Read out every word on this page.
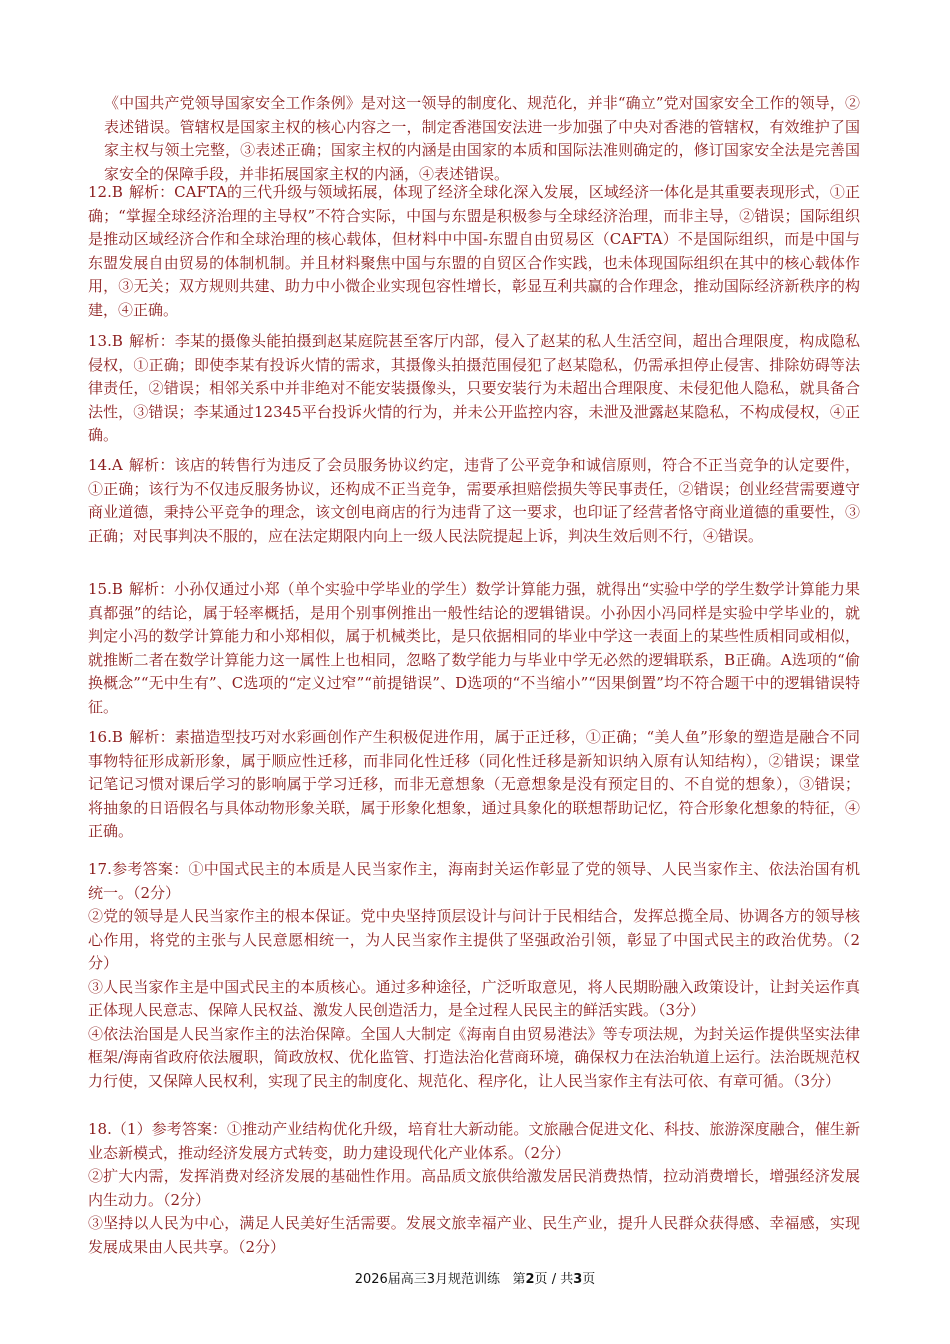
《中国共产党领导国家安全工作条例》是对这一领导的制度化、规范化，并非“确立”党对国家安全工作的领导，②表述错误。管辖权是国家主权的核心内容之一，制定香港国安法进一步加强了中央对香港的管辖权，有效维护了国家主权与领土完整，③表述正确；国家主权的内涵是由国家的本质和国际法准则确定的，修订国家安全法是完善国家安全的保障手段，并非拓展国家主权的内涵，④表述错误。

12.B 解析：CAFTA的三代升级与领域拓展，体现了经济全球化深入发展，区域经济一体化是其重要表现形式，①正确；“掌握全球经济治理的主导权”不符合实际，中国与东盟是积极参与全球经济治理，而非主导，②错误；国际组织是推动区域经济合作和全球治理的核心载体，但材料中中国-东盟自由贸易区（CAFTA）不是国际组织，而是中国与东盟发展自由贸易的体制机制。并且材料聚焦中国与东盟的自贸区合作实践，也未体现国际组织在其中的核心载体作用，③无关；双方规则共建、助力中小微企业实现包容性增长，彰显互利共赢的合作理念，推动国际经济新秩序的构建，④正确。

13.B 解析：李某的摄像头能拍摄到赵某庭院甚至客厅内部，侵入了赵某的私人生活空间，超出合理限度，构成隐私侵权，①正确；即使李某有投诉火情的需求，其摄像头拍摄范围侵犯了赵某隐私，仍需承担停止侵害、排除妨碍等法律责任，②错误；相邻关系中并非绝对不能安装摄像头，只要安装行为未超出合理限度、未侵犯他人隐私，就具备合法性，③错误；李某通过12345平台投诉火情的行为，并未公开监控内容，未泄及泄露赵某隐私，不构成侵权，④正确。

14.A 解析：该店的转售行为违反了会员服务协议约定，违背了公平竞争和诚信原则，符合不正当竞争的认定要件，①正确；该行为不仅违反服务协议，还构成不正当竞争，需要承担赔偿损失等民事责任，②错误；创业经营需要遵守商业道德，秉持公平竞争的理念，该文创电商店的行为违背了这一要求，也印证了经营者恪守商业道德的重要性，③正确；对民事判决不服的，应在法定期限内向上一级人民法院提起上诉，判决生效后则不行，④错误。

15.B 解析：小孙仅通过小郑（单个实验中学毕业的学生）数学计算能力强，就得出“实验中学的学生数学计算能力果真都强”的结论，属于轻率概括，是用个别事例推出一般性结论的逻辑错误。小孙因小冯同样是实验中学毕业的，就判定小冯的数学计算能力和小郑相似，属于机械类比，是只依据相同的毕业中学这一表面上的某些性质相同或相似，就推断二者在数学计算能力这一属性上也相同，忽略了数学能力与毕业中学无必然的逻辑联系，B正确。A选项的“偷换概念”“无中生有”、C选项的“定义过窄”“前提错误”、D选项的“不当缩小”“因果倒置”均不符合题干中的逻辑错误特征。

16.B 解析：素描造型技巧对水彩画创作产生积极促进作用，属于正迁移，①正确；“美人鱼”形象的塑造是融合不同事物特征形成新形象，属于顺应性迁移，而非同化性迁移（同化性迁移是新知识纳入原有认知结构），②错误；课堂记笔记习惯对课后学习的影响属于学习迁移，而非无意想象（无意想象是没有预定目的、不自觉的想象），③错误；将抽象的日语假名与具体动物形象关联，属于形象化想象，通过具象化的联想帮助记忆，符合形象化想象的特征，④正确。

17.参考答案：①中国式民主的本质是人民当家作主，海南封关运作彰显了党的领导、人民当家作主、依法治国有机统一。（2分）

②党的领导是人民当家作主的根本保证。党中央坚持顶层设计与问计于民相结合，发挥总揽全局、协调各方的领导核心作用，将党的主张与人民意愿相统一，为人民当家作主提供了坚强政治引领，彰显了中国式民主的政治优势。（2分）

③人民当家作主是中国式民主的本质核心。通过多种途径，广泛听取意见，将人民期盼融入政策设计，让封关运作真正体现人民意志、保障人民权益、激发人民创造活力，是全过程人民民主的鲜活实践。（3分）

④依法治国是人民当家作主的法治保障。全国人大制定《海南自由贸易港法》等专项法规，为封关运作提供坚实法律框架/海南省政府依法履职，简政放权、优化监管、打造法治化营商环境，确保权力在法治轨道上运行。法治既规范权力行使，又保障人民权利，实现了民主的制度化、规范化、程序化，让人民当家作主有法可依、有章可循。（3分）

18.（1）参考答案：①推动产业结构优化升级，培育壮大新动能。文旅融合促进文化、科技、旅游深度融合，催生新业态新模式，推动经济发展方式转变，助力建设现代化产业体系。（2分）

②扩大内需，发挥消费对经济发展的基础性作用。高品质文旅供给激发居民消费热情，拉动消费增长，增强经济发展内生动力。（2分）

③坚持以人民为中心，满足人民美好生活需要。发展文旅幸福产业、民生产业，提升人民群众获得感、幸福感，实现发展成果由人民共享。（2分）

2026届高三3月规范训练 第2页 / 共3页
